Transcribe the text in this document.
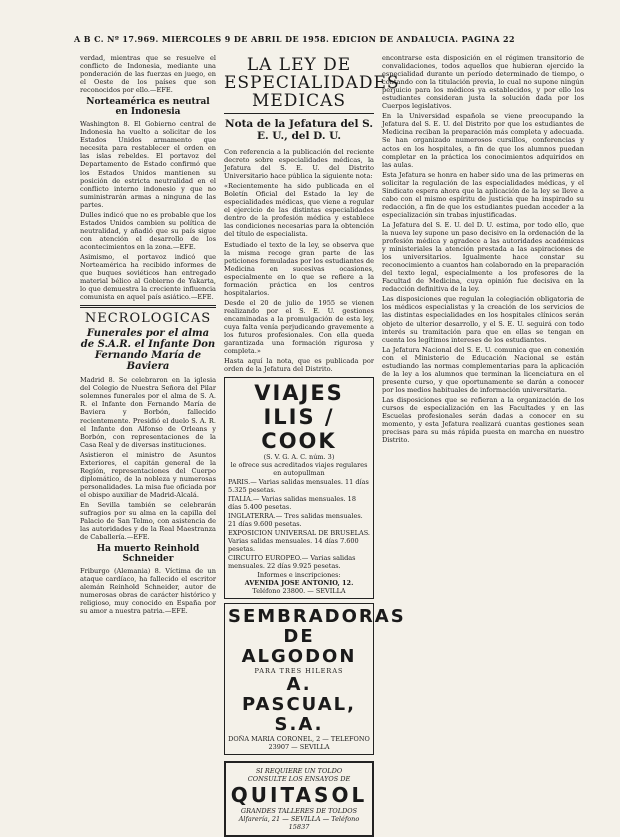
A B C. Nº 17.969. MIERCOLES 9 DE ABRIL DE 1958. EDICION DE ANDALUCIA. PAGINA 22

verdad, mientras que se resuelve el conflicto de Indonesia, mediante una ponderación de las fuerzas en juego, en el Oeste de los países que son reconocidos por ello.—EFE.

Norteamérica es neutral en Indonesia

Washington 8. El Gobierno central de Indonesia ha vuelto a solicitar de los Estados Unidos armamento que necesita para restablecer el orden en las islas rebeldes. El portavoz del Departamento de Estado confirmó que los Estados Unidos mantienen su posición de estricta neutralidad en el conflicto interno indonesio y que no suministrarán armas a ninguna de las partes.

Dulles indicó que no es probable que los Estados Unidos cambien su política de neutralidad, y añadió que su país sigue con atención el desarrollo de los acontecimientos en la zona.—EFE.

Asimismo, el portavoz indicó que Norteamérica ha recibido informes de que buques soviéticos han entregado material bélico al Gobierno de Yakarta, lo que demuestra la creciente influencia comunista en aquel país asiático.—EFE.

NECROLOGICAS
Funerales por el alma de S.A.R. el Infante Don Fernando María de Baviera

Madrid 8. Se celebraron en la iglesia del Colegio de Nuestra Señora del Pilar solemnes funerales por el alma de S. A. R. el Infante don Fernando María de Baviera y Borbón, fallecido recientemente. Presidió el duelo S. A. R. el Infante don Alfonso de Orleans y Borbón, con representaciones de la Casa Real y de diversas instituciones.

Asistieron el ministro de Asuntos Exteriores, el capitán general de la Región, representaciones del Cuerpo diplomático, de la nobleza y numerosas personalidades. La misa fue oficiada por el obispo auxiliar de Madrid-Alcalá.

En Sevilla también se celebrarán sufragios por su alma en la capilla del Palacio de San Telmo, con asistencia de las autoridades y de la Real Maestranza de Caballería.—EFE.

Ha muerto Reinhold Schneider

Friburgo (Alemania) 8. Víctima de un ataque cardíaco, ha fallecido el escritor alemán Reinhold Schneider, autor de numerosas obras de carácter histórico y religioso, muy conocido en España por su amor a nuestra patria.—EFE.

LA LEY DE ESPECIALIDADES MEDICAS
Nota de la Jefatura del S. E. U., del D. U.

Con referencia a la publicación del reciente decreto sobre especialidades médicas, la Jefatura del S. E. U. del Distrito Universitario hace pública la siguiente nota:

«Recientemente ha sido publicada en el Boletín Oficial del Estado la ley de especialidades médicas, que viene a regular el ejercicio de las distintas especialidades dentro de la profesión médica y establece las condiciones necesarias para la obtención del título de especialista.

Estudiado el texto de la ley, se observa que la misma recoge gran parte de las peticiones formuladas por los estudiantes de Medicina en sucesivas ocasiones, especialmente en lo que se refiere a la formación práctica en los centros hospitalarios.

Desde el 20 de julio de 1955 se vienen realizando por el S. E. U. gestiones encaminadas a la promulgación de esta ley, cuya falta venía perjudicando gravemente a los futuros profesionales. Con ella queda garantizada una formación rigurosa y completa.»

Hasta aquí la nota, que es publicada por orden de la Jefatura del Distrito.

VIAJES ILIS / COOK
(S. V. G. A. C. núm. 3)
le ofrece sus acreditados viajes regulares en autopullman
PARIS.— Varias salidas mensuales. 11 días 5.325 pesetas.
ITALIA.— Varias salidas mensuales. 18 días 5.400 pesetas.
INGLATERRA.— Tres salidas mensuales. 21 días 9.600 pesetas.
EXPOSICION UNIVERSAL DE BRUSELAS. Varias salidas mensuales. 14 días 7.600 pesetas.
CIRCUITO EUROPEO.— Varias salidas mensuales. 22 días 9.925 pesetas.
Informes e inscripciones:
AVENIDA JOSE ANTONIO, 12.
Teléfono 23800. — SEVILLA
SEMBRADORAS
DE ALGODON
PARA TRES HILERAS
A. PASCUAL, S.A.
DOÑA MARIA CORONEL, 2 — TELEFONO 23907 — SEVILLA
SI REQUIERE UN TOLDO
CONSULTE LOS ENSAYOS DE
QUITASOL
GRANDES TALLERES DE TOLDOS
Alfarería, 21 — SEVILLA — Teléfono 15837

encontrarse esta disposición en el régimen transitorio de convalidaciones, todos aquellos que hubieran ejercido la especialidad durante un período determinado de tiempo, o contando con la titulación previa, lo cual no supone ningún perjuicio para los médicos ya establecidos, y por ello los estudiantes consideran justa la solución dada por los Cuerpos legislativos.

En la Universidad española se viene preocupando la Jefatura del S. E. U. del Distrito por que los estudiantes de Medicina reciban la preparación más completa y adecuada. Se han organizado numerosos cursillos, conferencias y actos en los hospitales, a fin de que los alumnos puedan completar en la práctica los conocimientos adquiridos en las aulas.

Esta Jefatura se honra en haber sido una de las primeras en solicitar la regulación de las especialidades médicas, y el Sindicato espera ahora que la aplicación de la ley se lleve a cabo con el mismo espíritu de justicia que ha inspirado su redacción, a fin de que los estudiantes puedan acceder a la especialización sin trabas injustificadas.

La Jefatura del S. E. U. del D. U. estima, por todo ello, que la nueva ley supone un paso decisivo en la ordenación de la profesión médica y agradece a las autoridades académicas y ministeriales la atención prestada a las aspiraciones de los universitarios. Igualmente hace constar su reconocimiento a cuantos han colaborado en la preparación del texto legal, especialmente a los profesores de la Facultad de Medicina, cuya opinión fue decisiva en la redacción definitiva de la ley.

Las disposiciones que regulan la colegiación obligatoria de los médicos especialistas y la creación de los servicios de las distintas especialidades en los hospitales clínicos serán objeto de ulterior desarrollo, y el S. E. U. seguirá con todo interés su tramitación para que en ellas se tengan en cuenta los legítimos intereses de los estudiantes.

La Jefatura Nacional del S. E. U. comunica que en conexión con el Ministerio de Educación Nacional se están estudiando las normas complementarias para la aplicación de la ley a los alumnos que terminan la licenciatura en el presente curso, y que oportunamente se darán a conocer por los medios habituales de información universitaria.

Las disposiciones que se refieran a la organización de los cursos de especialización en las Facultades y en las Escuelas profesionales serán dadas a conocer en su momento, y esta Jefatura realizará cuantas gestiones sean precisas para su más rápida puesta en marcha en nuestro Distrito.
